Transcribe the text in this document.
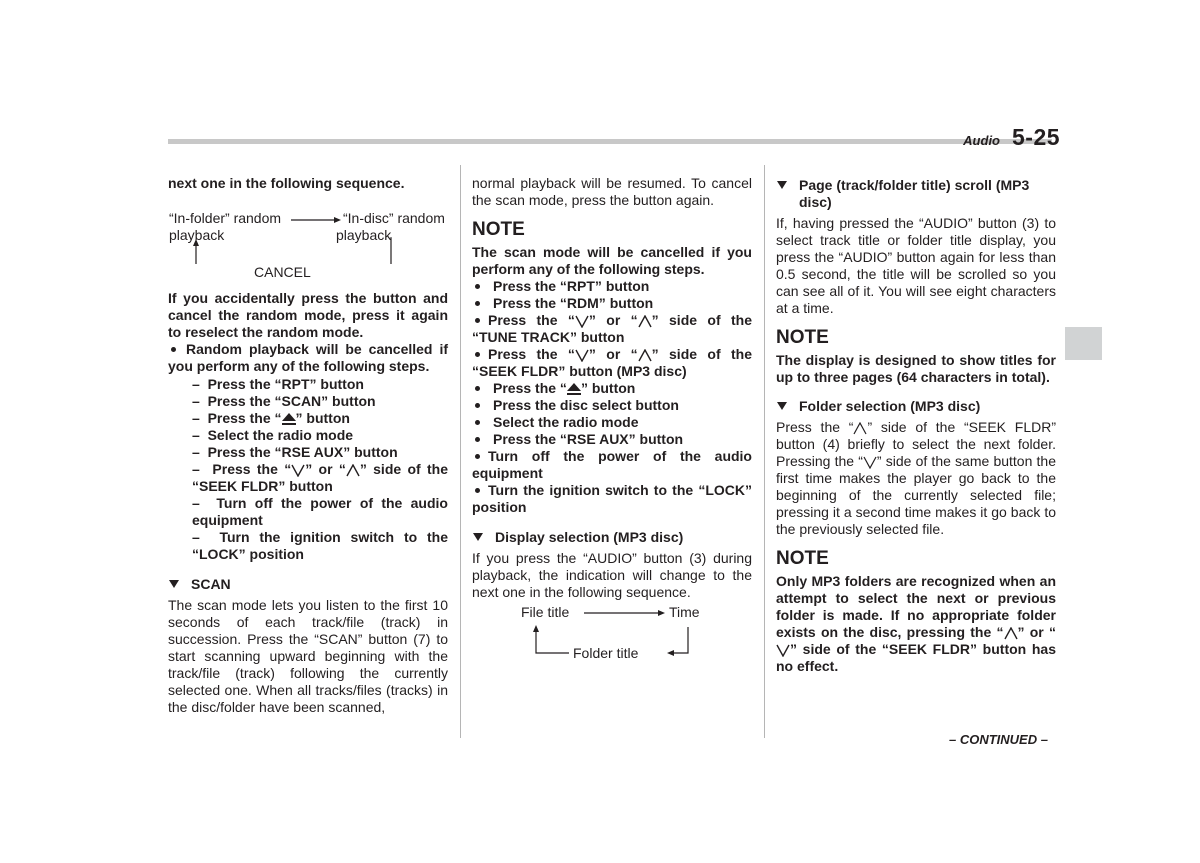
Audio 5-25

next one in the following sequence.

“In-folder” random
playback
“In-disc” random
playback
CANCEL

If you accidentally press the button and cancel the random mode, press it again to reselect the random mode.

Random playback will be cancelled if you perform any of the following steps.

–  Press the “RPT” button

–  Press the “SCAN” button

–  Press the “ ” button

–  Select the radio mode

–  Press the “RSE AUX” button

–  Press the “ ” or “ ” side of the “SEEK FLDR” button

–  Turn off the power of the audio equipment

–  Turn the ignition switch to the “LOCK” position

SCAN

The scan mode lets you listen to the first 10 seconds of each track/file (track) in succession. Press the “SCAN” button (7) to start scanning upward beginning with the track/file (track) following the currently selected one. When all tracks/files (tracks) in the disc/folder have been scanned,

normal playback will be resumed. To cancel the scan mode, press the button again.

NOTE

The scan mode will be cancelled if you perform any of the following steps.

Press the “RPT” button

Press the “RDM” button

Press the “ ” or “ ” side of the “TUNE TRACK” button

Press the “ ” or “ ” side of the “SEEK FLDR” button (MP3 disc)

Press the “ ” button

Press the disc select button

Select the radio mode

Press the “RSE AUX” button

Turn off the power of the audio equipment

Turn the ignition switch to the “LOCK” position

Display selection (MP3 disc)

If you press the “AUDIO” button (3) during playback, the indication will change to the next one in the following sequence.

File title	Time
Folder title
Page (track/folder title) scroll (MP3 disc)

If, having pressed the “AUDIO” button (3) to select track title or folder title display, you press the “AUDIO” button again for less than 0.5 second, the title will be scrolled so you can see all of it. You will see eight characters at a time.

NOTE

The display is designed to show titles for up to three pages (64 characters in total).

Folder selection (MP3 disc)

Press the “ ” side of the “SEEK FLDR” button (4) briefly to select the next folder. Pressing the “ ” side of the same button the first time makes the player go back to the beginning of the currently selected file; pressing it a second time makes it go back to the previously selected file.

NOTE

Only MP3 folders are recognized when an attempt to select the next or previous folder is made. If no appropriate folder exists on the disc, pressing the “ ” or “” side of the “SEEK FLDR” button has no effect.

– CONTINUED –
